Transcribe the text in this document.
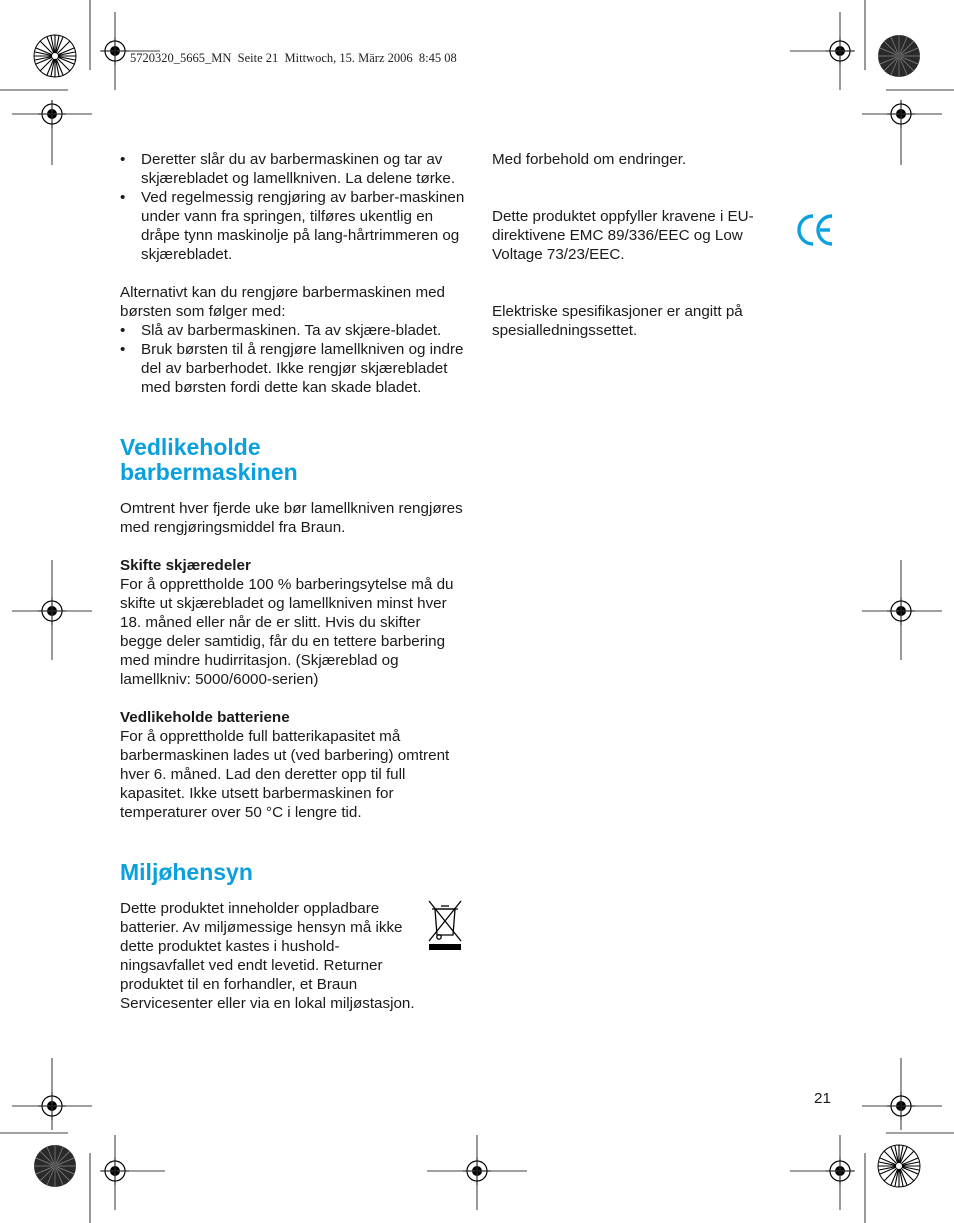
5720320_5665_MN  Seite 21  Mittwoch, 15. März 2006  8:45 08
• Deretter slår du av barbermaskinen og tar av skjærebladet og lamellkniven. La delene tørke.
• Ved regelmessig rengjøring av barber-maskinen under vann fra springen, tilføres ukentlig en dråpe tynn maskinolje på lang-hårtrimmeren og skjærebladet.

Alternativt kan du rengjøre barbermaskinen med børsten som følger med:

• Slå av barbermaskinen. Ta av skjære-bladet.
• Bruk børsten til å rengjøre lamellkniven og indre del av barberhodet. Ikke rengjør skjærebladet med børsten fordi dette kan skade bladet.
Vedlikeholde barbermaskinen

Omtrent hver fjerde uke bør lamellkniven rengjøres med rengjøringsmiddel fra Braun.

Skifte skjæredeler

For å opprettholde 100 % barberingsytelse må du skifte ut skjærebladet og lamellkniven minst hver 18. måned eller når de er slitt. Hvis du skifter begge deler samtidig, får du en tettere barbering med mindre hudirritasjon. (Skjæreblad og lamellkniv: 5000/6000-serien)

Vedlikeholde batteriene

For å opprettholde full batterikapasitet må barbermaskinen lades ut (ved barbering) omtrent hver 6. måned. Lad den deretter opp til full kapasitet. Ikke utsett barbermaskinen for temperaturer over 50 °C i lengre tid.

Miljøhensyn

Dette produktet inneholder oppladbare batterier. Av miljømessige hensyn må ikke dette produktet kastes i hushold-ningsavfallet ved endt levetid. Returner produktet til en forhandler, et Braun Servicesenter eller via en lokal miljøstasjon.

Med forbehold om endringer.

Dette produktet oppfyller kravene i EU-direktivene EMC 89/336/EEC og Low Voltage 73/23/EEC.

Elektriske spesifikasjoner er angitt på spesialledningssettet.

21
